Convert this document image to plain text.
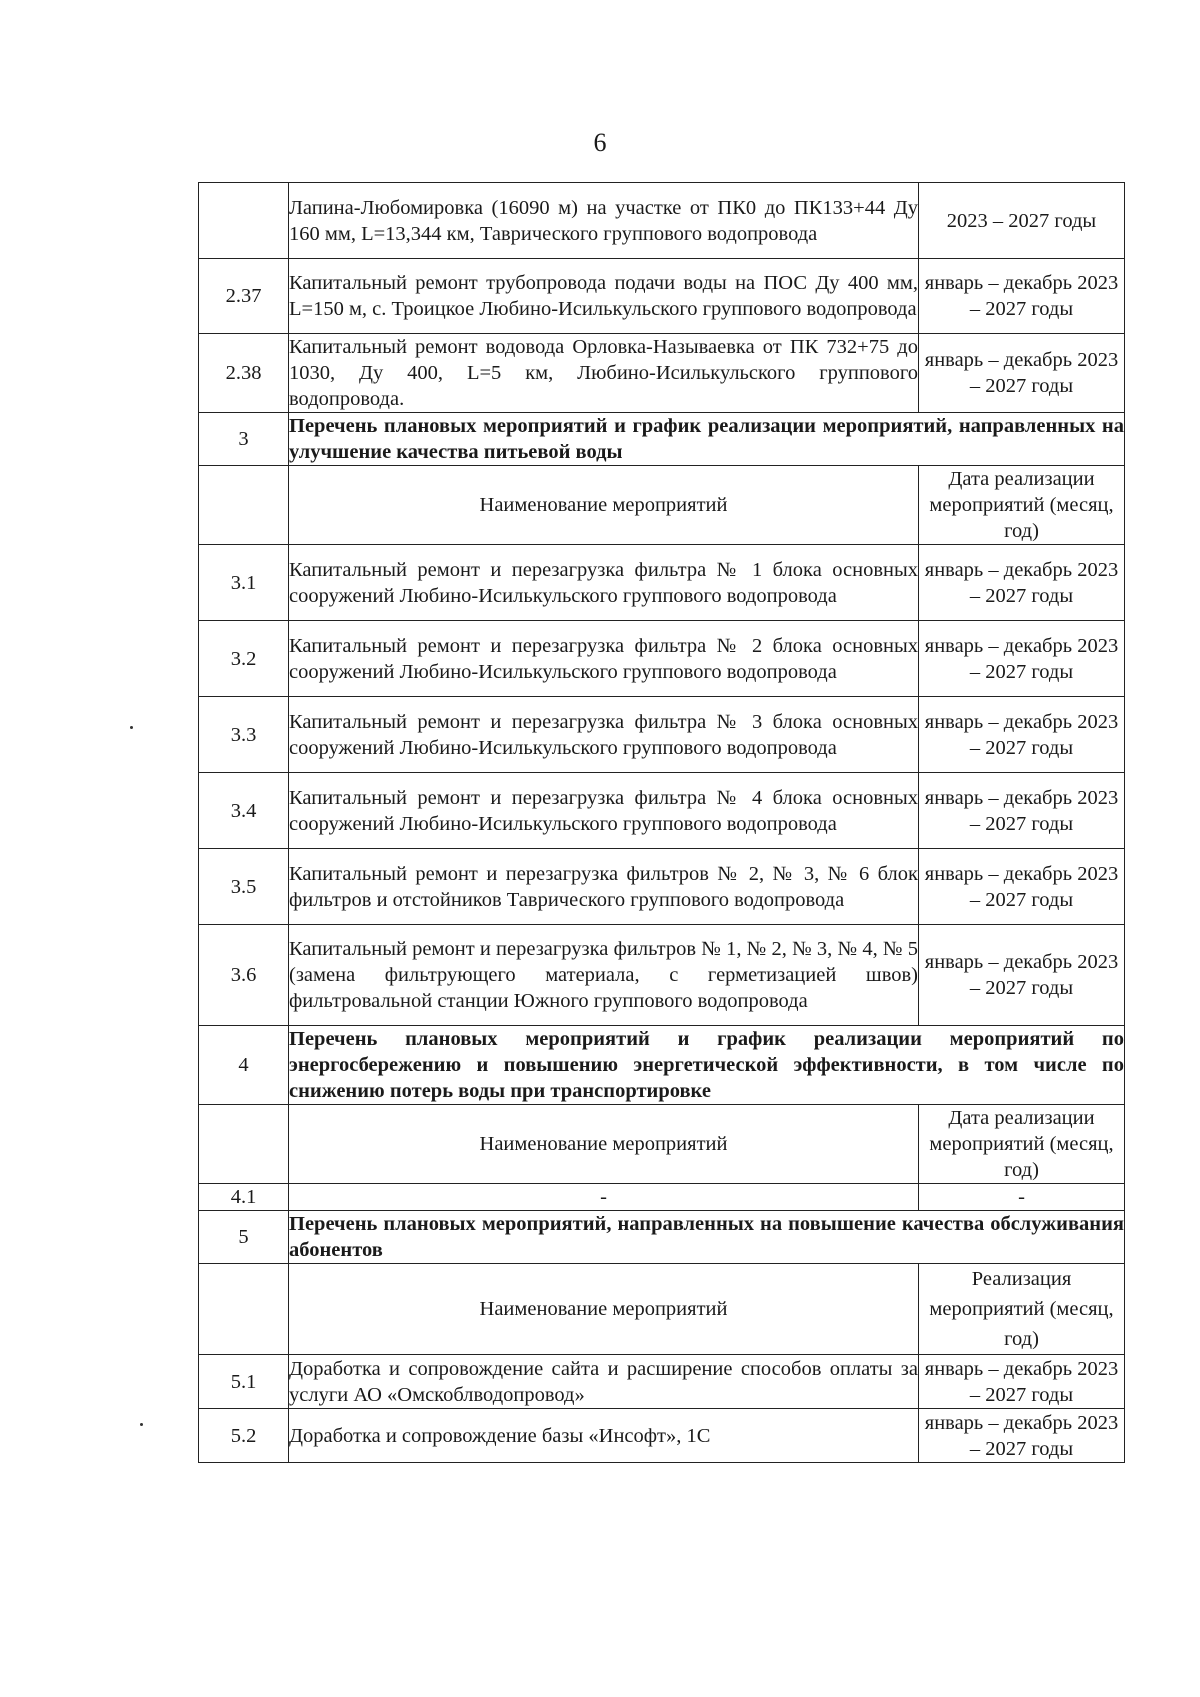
6
	Лапина-Любомировка (16090 м) на участке от ПК0 до ПК133+44 Ду 160 мм, L=13,344 км, Таврического группового водопровода	2023 – 2027 годы
2.37	Капитальный ремонт трубопровода подачи воды на ПОС Ду 400 мм, L=150 м, с. Троицкое Любино-Исилькульского группового водопровода	январь – декабрь 2023 – 2027 годы
2.38	Капитальный ремонт водовода Орловка-Называевка от ПК 732+75 до 1030, Ду 400, L=5 км, Любино-Исилькульского группового водопровода.	январь – декабрь 2023 – 2027 годы
3	Перечень плановых мероприятий и график реализации мероприятий, направленных на улучшение качества питьевой воды	
	Наименование мероприятий	Дата реализации мероприятий (месяц, год)
3.1	Капитальный ремонт и перезагрузка фильтра № 1 блока основных сооружений Любино-Исилькульского группового водопровода	январь – декабрь 2023 – 2027 годы
3.2	Капитальный ремонт и перезагрузка фильтра № 2 блока основных сооружений Любино-Исилькульского группового водопровода	январь – декабрь 2023 – 2027 годы
3.3	Капитальный ремонт и перезагрузка фильтра № 3 блока основных сооружений Любино-Исилькульского группового водопровода	январь – декабрь 2023 – 2027 годы
3.4	Капитальный ремонт и перезагрузка фильтра № 4 блока основных сооружений Любино-Исилькульского группового водопровода	январь – декабрь 2023 – 2027 годы
3.5	Капитальный ремонт и перезагрузка фильтров № 2, № 3, № 6 блок фильтров и отстойников Таврического группового водопровода	январь – декабрь 2023 – 2027 годы
3.6	Капитальный ремонт и перезагрузка фильтров № 1, № 2, № 3, № 4, № 5 (замена фильтрующего материала, с герметизацией швов) фильтровальной станции Южного группового водопровода	январь – декабрь 2023 – 2027 годы
4	Перечень плановых мероприятий и график реализации мероприятий по энергосбережению и повышению энергетической эффективности, в том числе по снижению потерь воды при транспортировке	
	Наименование мероприятий	Дата реализации мероприятий (месяц, год)
4.1	-	-
5	Перечень плановых мероприятий, направленных на повышение качества обслуживания абонентов	
	Наименование мероприятий	Реализация мероприятий (месяц, год)
5.1	Доработка и сопровождение сайта и расширение способов оплаты за услуги АО «Омскоблводопровод»	январь – декабрь 2023 – 2027 годы
5.2	Доработка и сопровождение базы «Инсофт», 1С	январь – декабрь 2023 – 2027 годы
